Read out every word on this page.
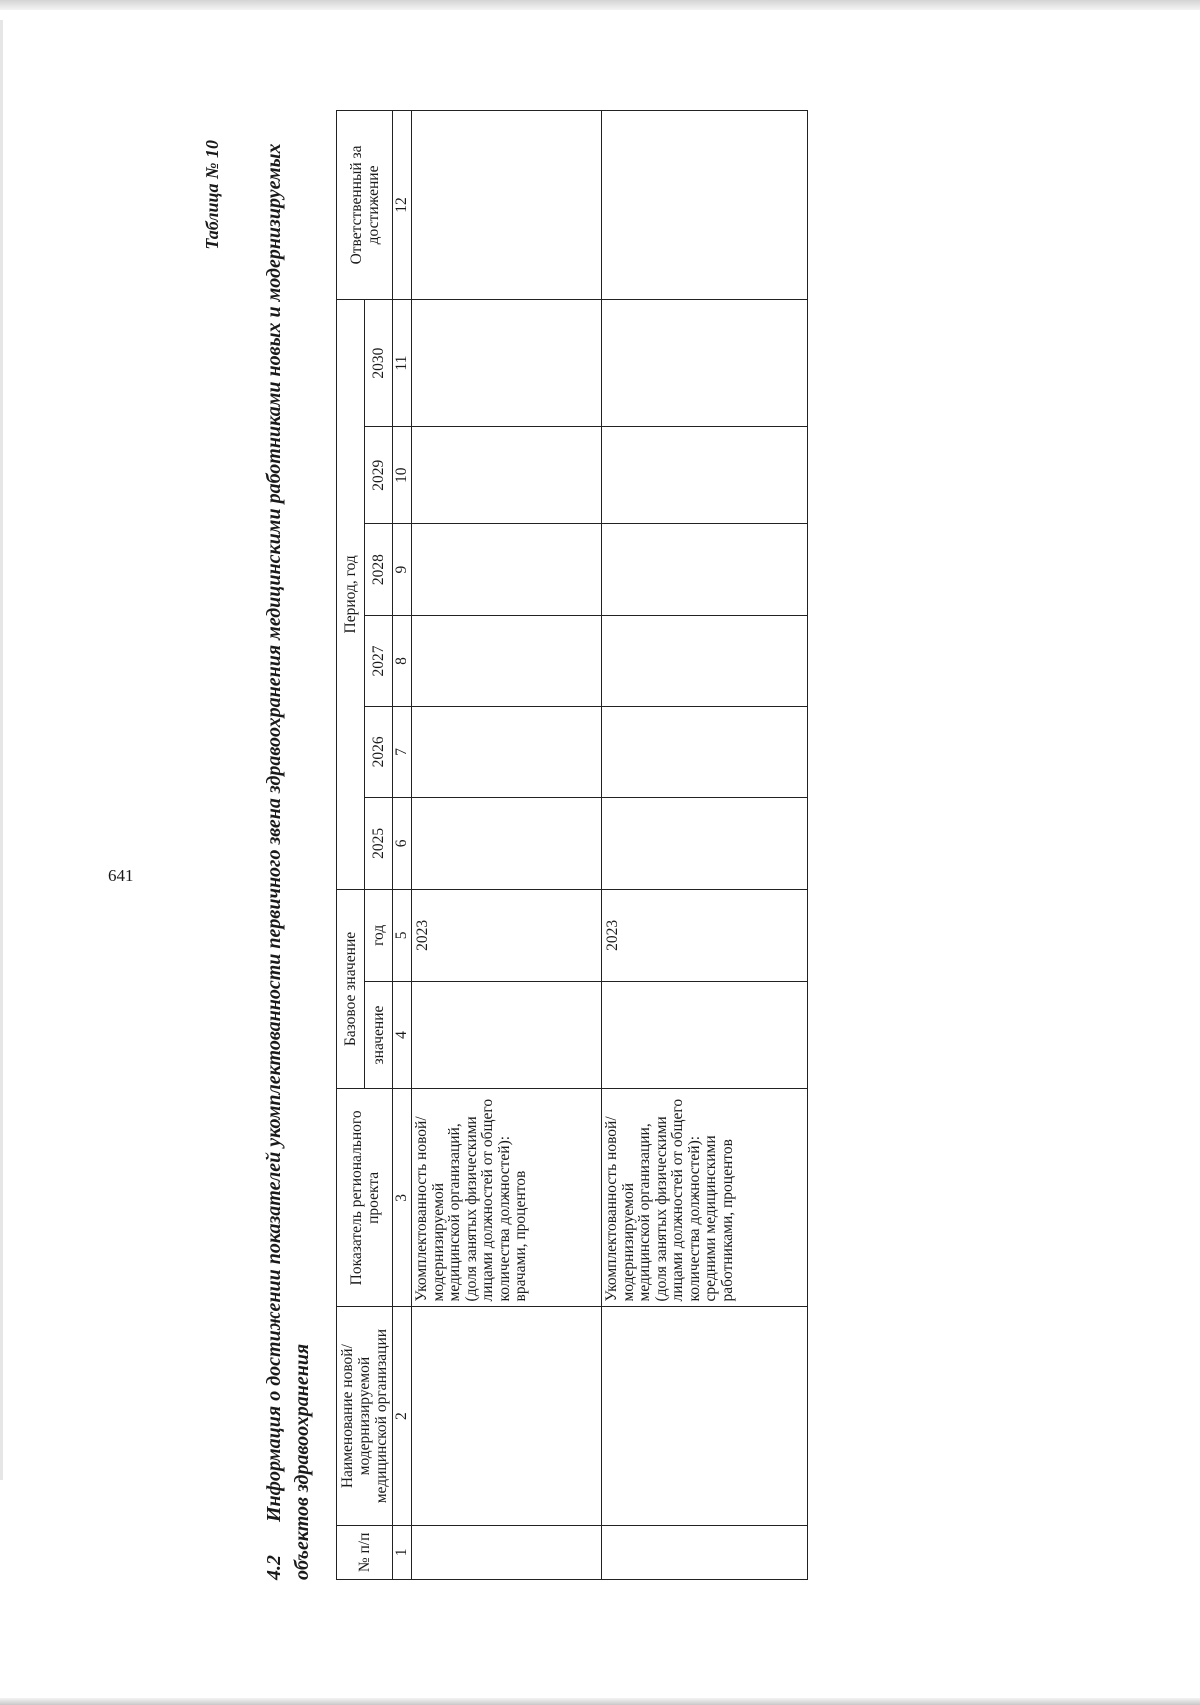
641
Таблица № 10
4.2Информация о достижении показателей укомплектованности первичного звена здравоохранения медицинскими работниками новых и модернизируемых объектов здравоохранения	№ п/п	Наименование новой/модернизируемой медицинской организации	Показатель регионального проекта	Базовое значение		Период, год						Ответственный за достижение
			значение	год	2025	2026	2027	2028	2029	2030	
1	2	3	4	5	6	7	8	9	10	11	12
		Укомплектованность новой/модернизируемой медицинской организаций, (доля занятых физическими лицами должностей от общего количества должностей): врачами, процентов		2023							
		Укомплектованность новой/модернизируемой медицинской организации, (доля занятых физическими лицами должностей от общего количества должностей): средними медицинскими работниками, процентов		2023							
